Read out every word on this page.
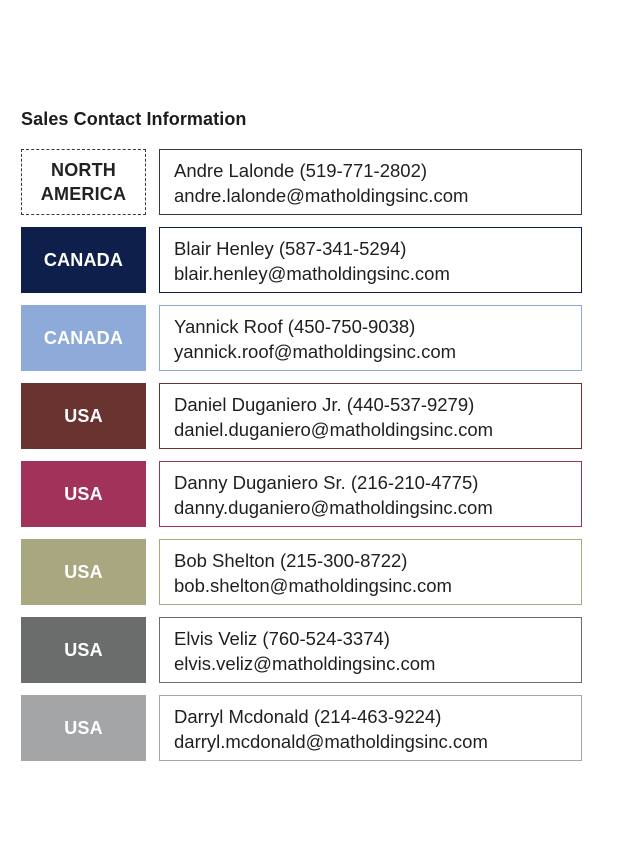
Sales Contact Information
NORTH
AMERICA
Andre Lalonde (519-771-2802)
andre.lalonde@matholdingsinc.com
CANADA
Blair Henley (587-341-5294)
blair.henley@matholdingsinc.com
CANADA
Yannick Roof (450-750-9038)
yannick.roof@matholdingsinc.com
USA
Daniel Duganiero Jr. (440-537-9279)
daniel.duganiero@matholdingsinc.com
USA
Danny Duganiero Sr. (216-210-4775)
danny.duganiero@matholdingsinc.com
USA
Bob Shelton (215-300-8722)
bob.shelton@matholdingsinc.com
USA
Elvis Veliz (760-524-3374)
elvis.veliz@matholdingsinc.com
USA
Darryl Mcdonald (214-463-9224)
darryl.mcdonald@matholdingsinc.com
